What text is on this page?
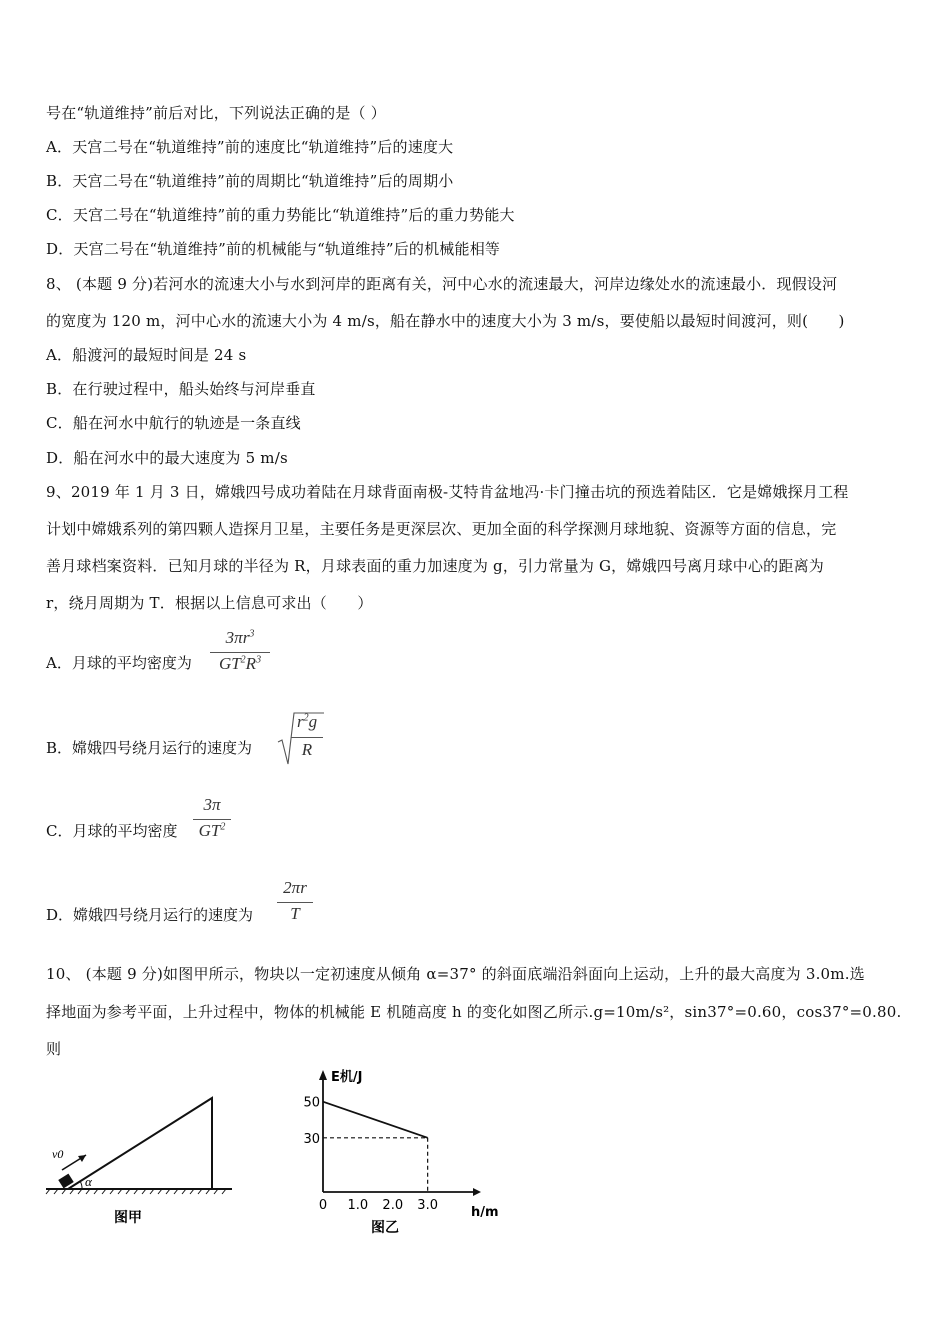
号在“轨道维持”前后对比，下列说法正确的是（ ）
A．天宫二号在“轨道维持”前的速度比“轨道维持”后的速度大
B．天宫二号在“轨道维持”前的周期比“轨道维持”后的周期小
C．天宫二号在“轨道维持”前的重力势能比“轨道维持”后的重力势能大
D．天宫二号在“轨道维持”前的机械能与“轨道维持”后的机械能相等
8、 (本题 9 分)若河水的流速大小与水到河岸的距离有关，河中心水的流速最大，河岸边缘处水的流速最小．现假设河
的宽度为 120 m，河中心水的流速大小为 4 m/s，船在静水中的速度大小为 3 m/s，要使船以最短时间渡河，则(　　)
A．船渡河的最短时间是 24 s
B．在行驶过程中，船头始终与河岸垂直
C．船在河水中航行的轨迹是一条直线
D．船在河水中的最大速度为 5 m/s
9、2019 年 1 月 3 日，嫦娥四号成功着陆在月球背面南极-艾特肯盆地冯·卡门撞击坑的预选着陆区．它是嫦娥探月工程
计划中嫦娥系列的第四颗人造探月卫星，主要任务是更深层次、更加全面的科学探测月球地貌、资源等方面的信息，完
善月球档案资料．已知月球的半径为 R，月球表面的重力加速度为 g，引力常量为 G，嫦娥四号离月球中心的距离为
r，绕月周期为 T．根据以上信息可求出（　　）
A．月球的平均密度为
$3\pi r^3$
$GT^2R^3$
B．嫦娥四号绕月运行的速度为
$r^2g$
R
C．月球的平均密度
3π
$GT^2$
D．嫦娥四号绕月运行的速度为
2πr
T
10、 (本题 9 分)如图甲所示，物块以一定初速度从倾角 α=37° 的斜面底端沿斜面向上运动，上升的最大高度为 3.0m.选
择地面为参考平面，上升过程中，物体的机械能 E 机随高度 h 的变化如图乙所示.g=10m/s²，sin37°=0.60，cos37°=0.80.
则
v0
α
图甲
E机/J
h/m
50
30
0 1.0 2.0 3.0
图乙
